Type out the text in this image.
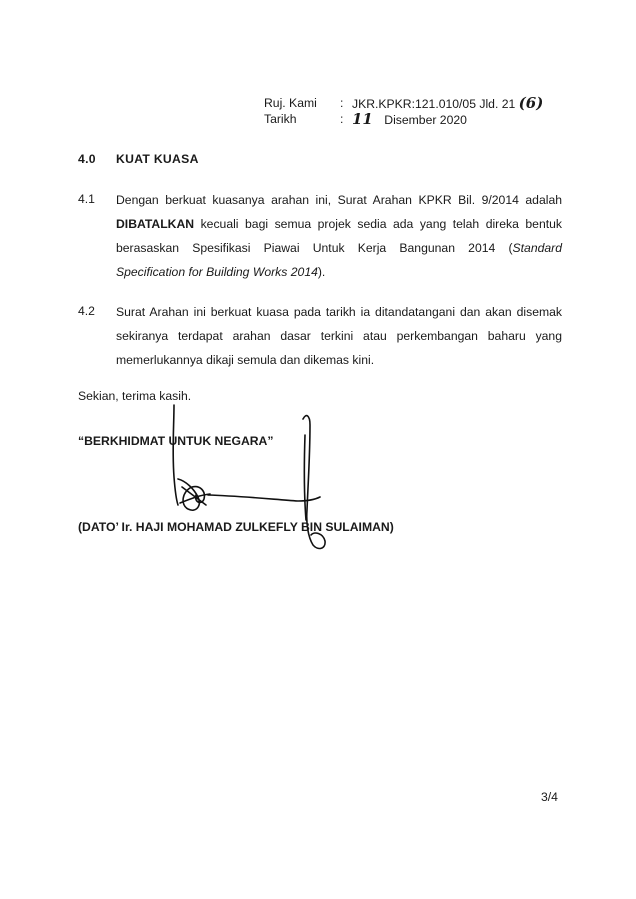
Ruj. Kami : JKR.KPKR:121.010/05 Jld. 21 (6)
Tarikh	: 11 Disember 2020
4.0 KUAT KUASA
4.1 Dengan berkuat kuasanya arahan ini, Surat Arahan KPKR Bil. 9/2014 adalah DIBATALKAN kecuali bagi semua projek sedia ada yang telah direka bentuk berasaskan Spesifikasi Piawai Untuk Kerja Bangunan 2014 (Standard Specification for Building Works 2014).
4.2 Surat Arahan ini berkuat kuasa pada tarikh ia ditandatangani dan akan disemak sekiranya terdapat arahan dasar terkini atau perkembangan baharu yang memerlukannya dikaji semula dan dikemas kini.
Sekian, terima kasih.
“BERKHIDMAT UNTUK NEGARA”
(DATO’ Ir. HAJI MOHAMAD ZULKEFLY BIN SULAIMAN)
3/4
